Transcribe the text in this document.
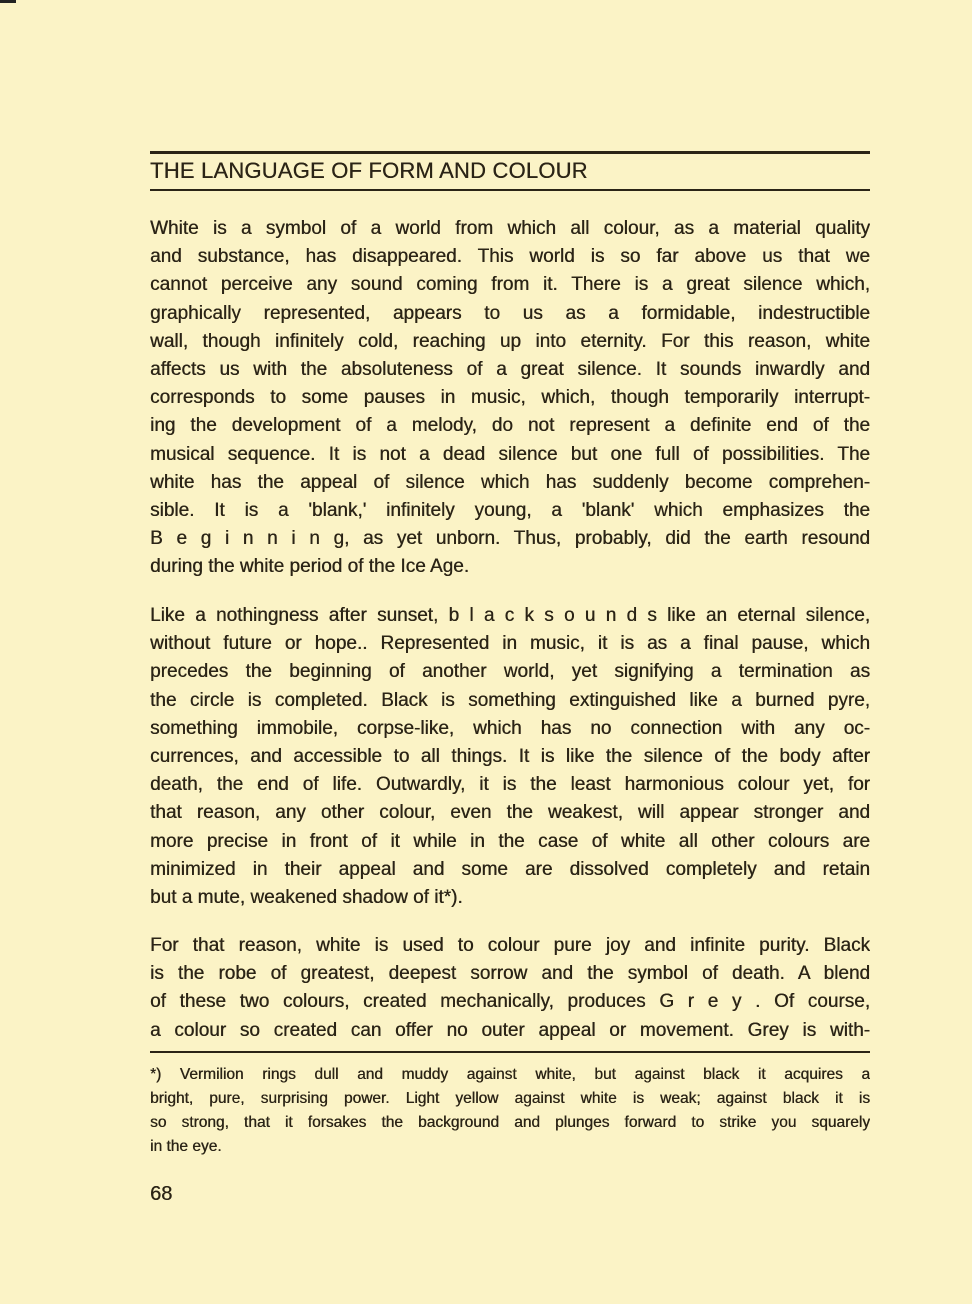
THE LANGUAGE OF FORM AND COLOUR
White is a symbol of a world from which all colour, as a material quality
and substance, has disappeared. This world is so far above us that we
cannot perceive any sound coming from it. There is a great silence which,
graphically represented, appears to us as a formidable, indestructible
wall, though infinitely cold, reaching up into eternity. For this reason, white
affects us with the absoluteness of a great silence. It sounds inwardly and
corresponds to some pauses in music, which, though temporarily interrupt-
ing the development of a melody, do not represent a definite end of the
musical sequence. It is not a dead silence but one full of possibilities. The
white has the appeal of silence which has suddenly become comprehen-
sible. It is a 'blank,' infinitely young, a 'blank' which emphasizes the
B e g i n n i n g, as yet unborn. Thus, probably, did the earth resound
during the white period of the Ice Age.
Like a nothingness after sunset, b l a c k s o u n d s like an eternal silence,
without future or hope.. Represented in music, it is as a final pause, which
precedes the beginning of another world, yet signifying a termination as
the circle is completed. Black is something extinguished like a burned pyre,
something immobile, corpse-like, which has no connection with any oc-
currences, and accessible to all things. It is like the silence of the body after
death, the end of life. Outwardly, it is the least harmonious colour yet, for
that reason, any other colour, even the weakest, will appear stronger and
more precise in front of it while in the case of white all other colours are
minimized in their appeal and some are dissolved completely and retain
but a mute, weakened shadow of it*).
For that reason, white is used to colour pure joy and infinite purity. Black
is the robe of greatest, deepest sorrow and the symbol of death. A blend
of these two colours, created mechanically, produces G r e y . Of course,
a colour so created can offer no outer appeal or movement. Grey is with-
*) Vermilion rings dull and muddy against white, but against black it acquires a
bright, pure, surprising power. Light yellow against white is weak; against black it is
so strong, that it forsakes the background and plunges forward to strike you squarely
in the eye.
68
